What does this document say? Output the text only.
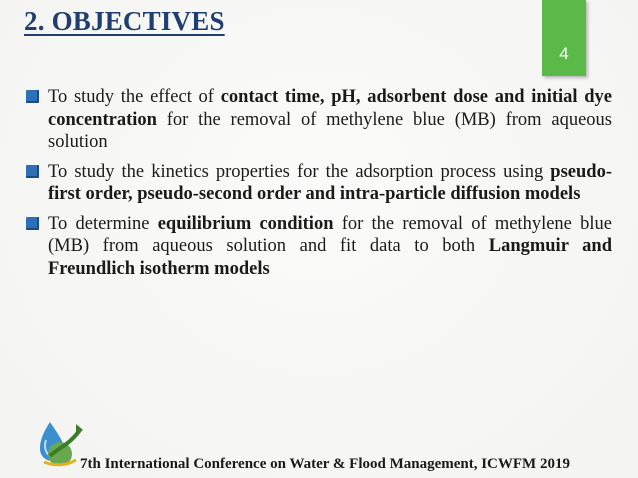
2. OBJECTIVES
4
To study the effect of contact time, pH, adsorbent dose and initial dye concentration for the removal of methylene blue (MB) from aqueous solution
To study the kinetics properties for the adsorption process using pseudo-first order, pseudo-second order and intra-particle diffusion models
To determine equilibrium condition for the removal of methylene blue (MB) from aqueous solution and fit data to both Langmuir and Freundlich isotherm models
7th International Conference on Water & Flood Management, ICWFM 2019
